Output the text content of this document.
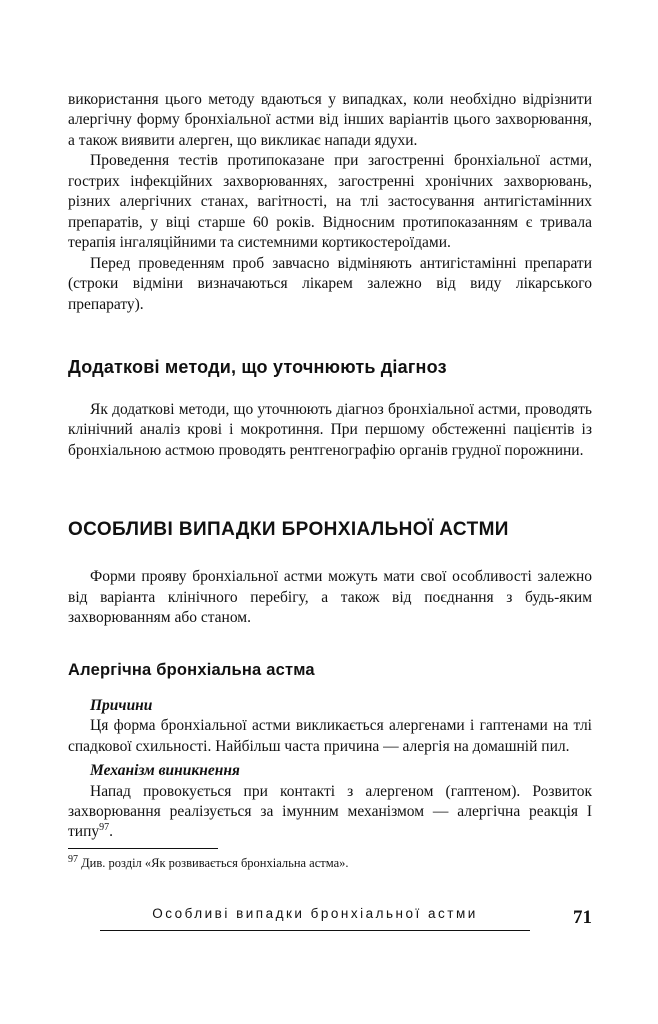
використання цього методу вдаються у випадках, коли необхідно відрізнити алергічну форму бронхіальної астми від інших варіантів цього захворювання, а також виявити алерген, що викликає напади ядухи.

Проведення тестів протипоказане при загостренні бронхіальної астми, гострих інфекційних захворюваннях, загостренні хронічних захворювань, різних алергічних станах, вагітності, на тлі застосування антигістамінних препаратів, у віці старше 60 років. Відносним протипоказанням є тривала терапія інгаляційними та системними кортикостероїдами.

Перед проведенням проб завчасно відміняють антигістамінні препарати (строки відміни визначаються лікарем залежно від виду лікарського препарату).

Додаткові методи, що уточнюють діагноз

Як додаткові методи, що уточнюють діагноз бронхіальної астми, проводять клінічний аналіз крові і мокротиння. При першому обстеженні пацієнтів із бронхіальною астмою проводять рентгенографію органів грудної порожнини.

ОСОБЛИВІ ВИПАДКИ БРОНХІАЛЬНОЇ АСТМИ

Форми прояву бронхіальної астми можуть мати свої особливості залежно від варіанта клінічного перебігу, а також від поєднання з будь-яким захворюванням або станом.

Алергічна бронхіальна астма

Причини

Ця форма бронхіальної астми викликається алергенами і гаптенами на тлі спадкової схильності. Найбільш часта причина — алергія на домашній пил.

Механізм виникнення

Напад провокується при контакті з алергеном (гаптеном). Розвиток захворювання реалізується за імунним механізмом — алергічна реакція I типу$^{97}$.

$^{97}$ Див. розділ «Як розвивається бронхіальна астма».
Особливі випадки бронхіальної астми	71
